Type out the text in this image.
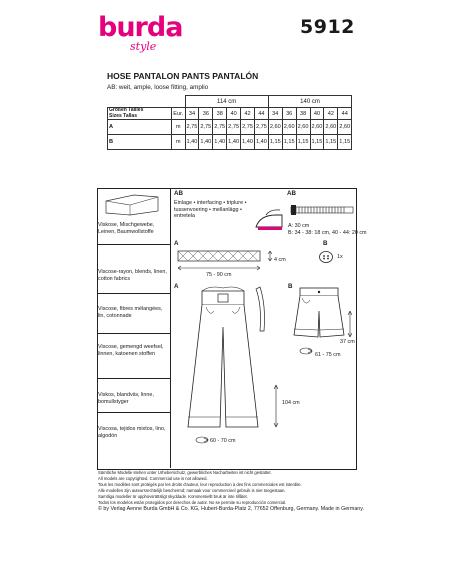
burda
style
5912
HOSE PANTALON PANTS PANTALÓN
AB: weit, ample, loose fitting, amplio
		114 cm						140 cm					

Größen Tailles
Sizes Tallas	Eur.	34	36	38	40	42	44	34	36	38	40	42	44
A	m	2,75	2,75	2,75	2,75	2,75	2,75	2,60	2,60	2,60	2,60	2,60	2,60
B	m	1,40	1,40	1,40	1,40	1,40	1,40	1,15	1,15	1,15	1,15	1,15	1,15
Viskose, Mischgewebe, Leinen, Baumwollstoffe
Viscose-rayon, blends, linen, cotton fabrics
Viscose, fibres mélangées, lin, cotonnade
Viscose, gemengd weefsel, linnen, katoenen stoffen
Viskos, blandväv, linne, bomullstyger
Viscosa, tejidos mixtos, lino, algodón
AB	AB
Einlage • interfacing • triplure • tussenvoering • mellanlägg • entretela
A: 30 cm
B: 34 - 38: 18 cm, 40 - 44: 20 cm
A
75 - 90 cm
4 cm
B
1x
A
104 cm
60 - 70 cm
B
37 cm
61 - 75 cm
Sämtliche Modelle stehen unter Urheberschutz, gewerbliches Nacharbeiten ist nicht gestattet.
All models are copyrighted. Commercial use is not allowed.
Tous les modèles sont protégés par les droits d'auteur, leur reproduction à des fins commerciales est interdite.
Alle modellen zijn auteursrechtelijk beschermd; namaak voor commercieel gebruik is niet toegestaan.
Samtliga modeller är upphovsrättsligt skyddade. Kommersiellt bruk är inte tillåtet.
Todos los modelos están protegidos por derechos de autor. No se permite su reproducción comercial.
© by Verlag Aenne Burda GmbH & Co. KG, Hubert-Burda-Platz 2, 77652 Offenburg, Germany. Made in Germany.
